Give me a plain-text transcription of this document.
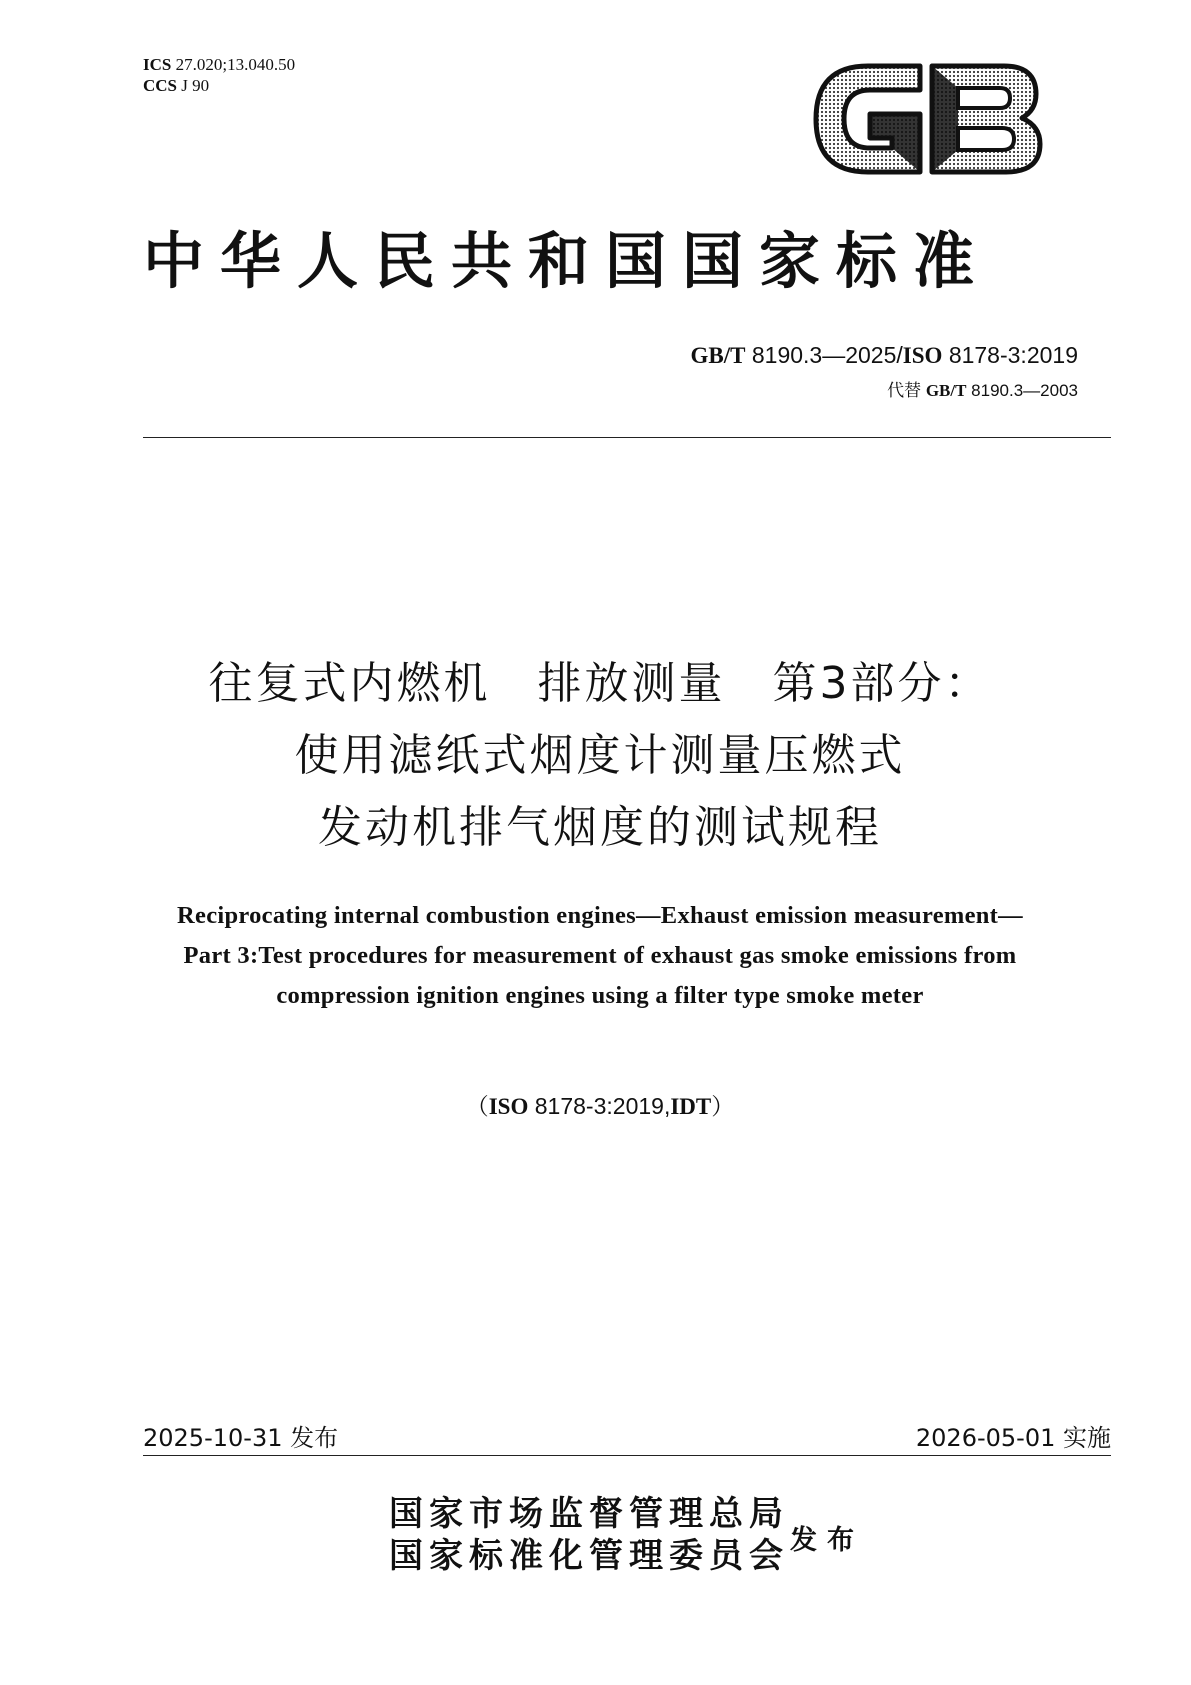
ICS 27.020;13.040.50
CCS J 90
中华人民共和国国家标准
GB/T 8190.3—2025/ISO 8178-3:2019
代替 GB/T 8190.3—2003
往复式内燃机　排放测量　第3部分：
使用滤纸式烟度计测量压燃式
发动机排气烟度的测试规程
Reciprocating internal combustion engines—Exhaust emission measurement—
Part 3:Test procedures for measurement of exhaust gas smoke emissions from
compression ignition engines using a filter type smoke meter
（ISO 8178-3:2019,IDT）
2025-10-31 发布	2026-05-01 实施
国家市场监督管理总局
国家标准化管理委员会 发布
